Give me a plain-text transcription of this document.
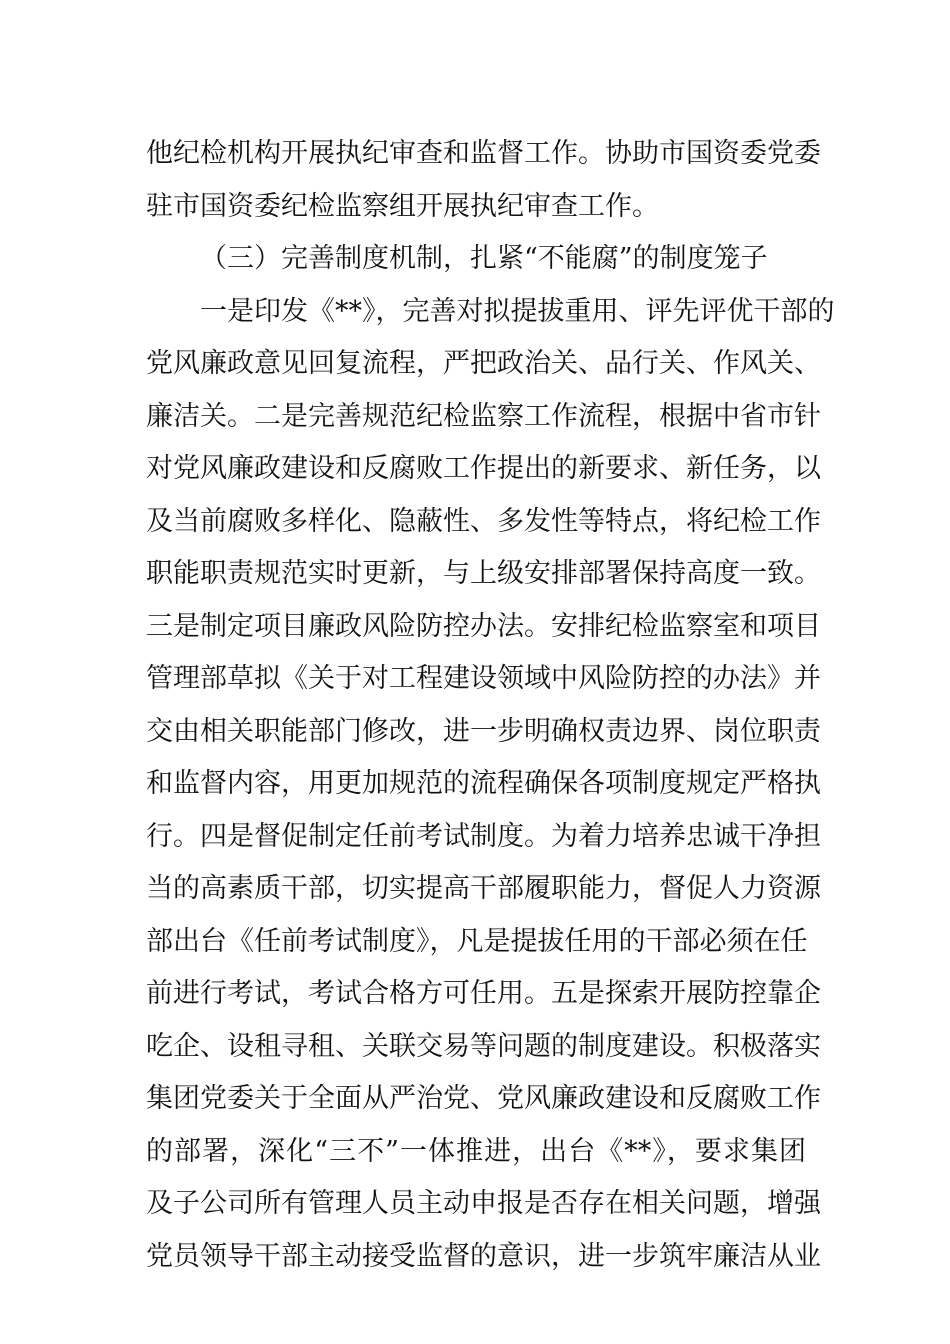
他纪检机构开展执纪审查和监督工作。协助市国资委党委
驻市国资委纪检监察组开展执纪审查工作。
（三）完善制度机制，扎紧“不能腐”的制度笼子
一是印发《**》，完善对拟提拔重用、评先评优干部的
党风廉政意见回复流程，严把政治关、品行关、作风关、
廉洁关。二是完善规范纪检监察工作流程，根据中省市针
对党风廉政建设和反腐败工作提出的新要求、新任务，以
及当前腐败多样化、隐蔽性、多发性等特点，将纪检工作
职能职责规范实时更新，与上级安排部署保持高度一致。
三是制定项目廉政风险防控办法。安排纪检监察室和项目
管理部草拟《关于对工程建设领域中风险防控的办法》并
交由相关职能部门修改，进一步明确权责边界、岗位职责
和监督内容，用更加规范的流程确保各项制度规定严格执
行。四是督促制定任前考试制度。为着力培养忠诚干净担
当的高素质干部，切实提高干部履职能力，督促人力资源
部出台《任前考试制度》，凡是提拔任用的干部必须在任
前进行考试，考试合格方可任用。五是探索开展防控靠企
吃企、设租寻租、关联交易等问题的制度建设。积极落实
集团党委关于全面从严治党、党风廉政建设和反腐败工作
的部署，深化“三不”一体推进，出台《**》，要求集团
及子公司所有管理人员主动申报是否存在相关问题，增强
党员领导干部主动接受监督的意识，进一步筑牢廉洁从业
